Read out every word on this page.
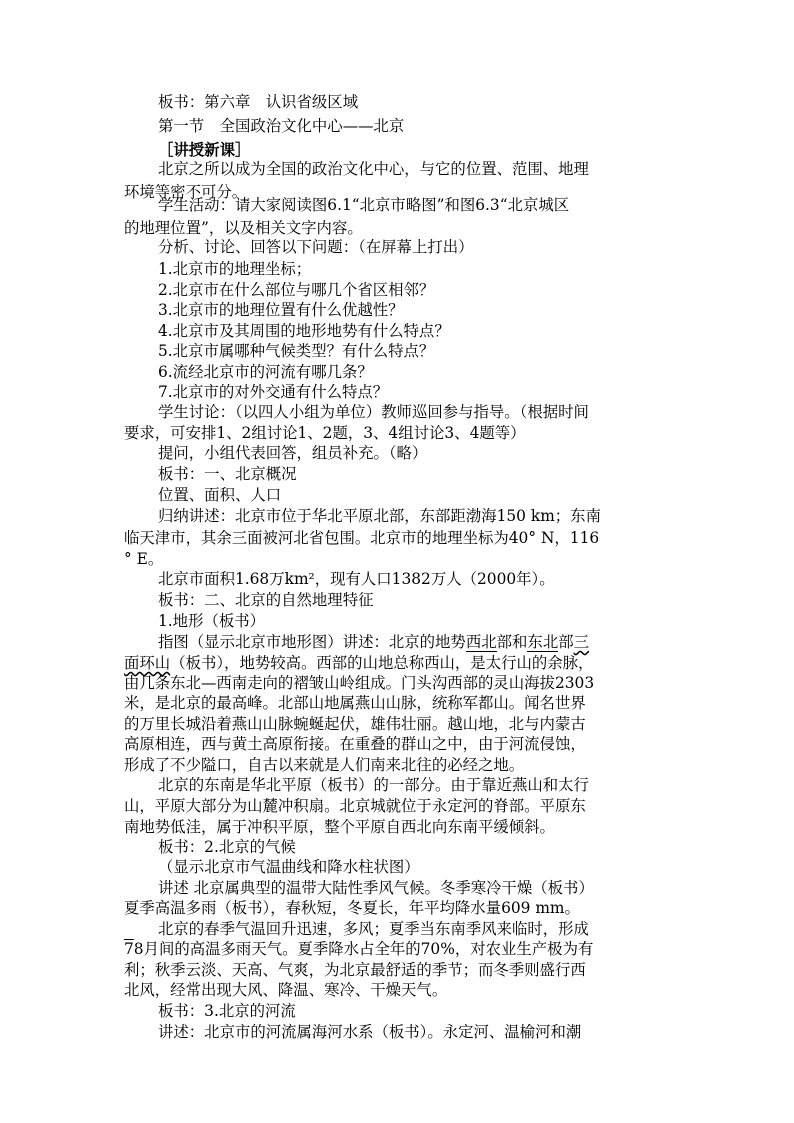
板书：第六章　认识省级区域
第一节　全国政治文化中心——北京
［讲授新课］
北京之所以成为全国的政治文化中心，与它的位置、范围、地理
环境等密不可分。
学生活动：请大家阅读图6.1“北京市略图”和图6.3“北京城区
的地理位置”，以及相关文字内容。
分析、讨论、回答以下问题：（在屏幕上打出）
1.北京市的地理坐标；
2.北京市在什么部位与哪几个省区相邻？
3.北京市的地理位置有什么优越性？
4.北京市及其周围的地形地势有什么特点？
5.北京市属哪种气候类型？有什么特点？
6.流经北京市的河流有哪几条？
7.北京市的对外交通有什么特点？
学生讨论：（以四人小组为单位）教师巡回参与指导。（根据时间
要求，可安排1、2组讨论1、2题，3、4组讨论3、4题等）
提问，小组代表回答，组员补充。（略）
板书：一、北京概况
位置、面积、人口
归纳讲述：北京市位于华北平原北部，东部距渤海150 km；东南
临天津市，其余三面被河北省包围。北京市的地理坐标为40° N，116
° E。
北京市面积1.68万km²，现有人口1382万人（2000年）。
板书：二、北京的自然地理特征
1.地形（板书）
指图（显示北京市地形图）讲述：北京的地势西北部和东北部三
面环山（板书），地势较高。西部的山地总称西山，是太行山的余脉，
由几条东北—西南走向的褶皱山岭组成。门头沟西部的灵山海拔2303
米，是北京的最高峰。北部山地属燕山山脉，统称军都山。闻名世界
的万里长城沿着燕山山脉蜿蜒起伏，雄伟壮丽。越山地，北与内蒙古
高原相连，西与黄土高原衔接。在重叠的群山之中，由于河流侵蚀，
形成了不少隘口，自古以来就是人们南来北往的必经之地。
北京的东南是华北平原（板书）的一部分。由于靠近燕山和太行
山，平原大部分为山麓冲积扇。北京城就位于永定河的脊部。平原东
南地势低洼，属于冲积平原，整个平原自西北向东南平缓倾斜。
板书：2.北京的气候
（显示北京市气温曲线和降水柱状图）
讲述 北京属典型的温带大陆性季风气候。冬季寒冷干燥（板书）
夏季高温多雨（板书），春秋短，冬夏长，年平均降水量609 mm。
北京的春季气温回升迅速，多风；夏季当东南季风来临时，形成
78月间的高温多雨天气。夏季降水占全年的70%，对农业生产极为有
利；秋季云淡、天高、气爽，为北京最舒适的季节；而冬季则盛行西
北风，经常出现大风、降温、寒冷、干燥天气。
板书：3.北京的河流
讲述：北京市的河流属海河水系（板书）。永定河、温榆河和潮
